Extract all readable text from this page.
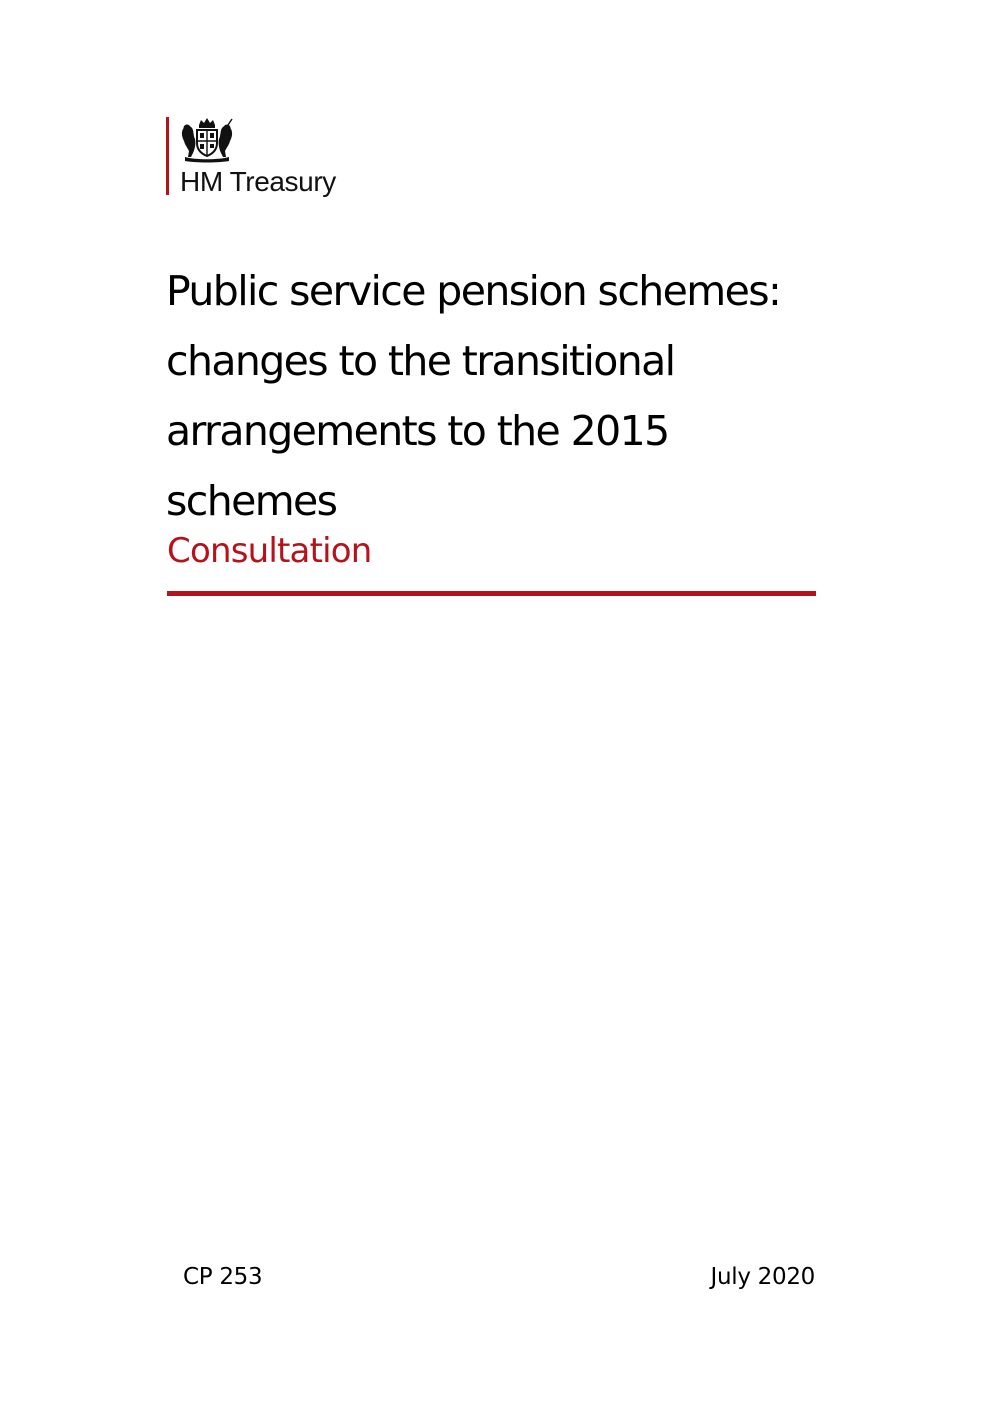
HM Treasury
Public service pension schemes: changes to the transitional arrangements to the 2015 schemes
Consultation
CP 253	July 2020
